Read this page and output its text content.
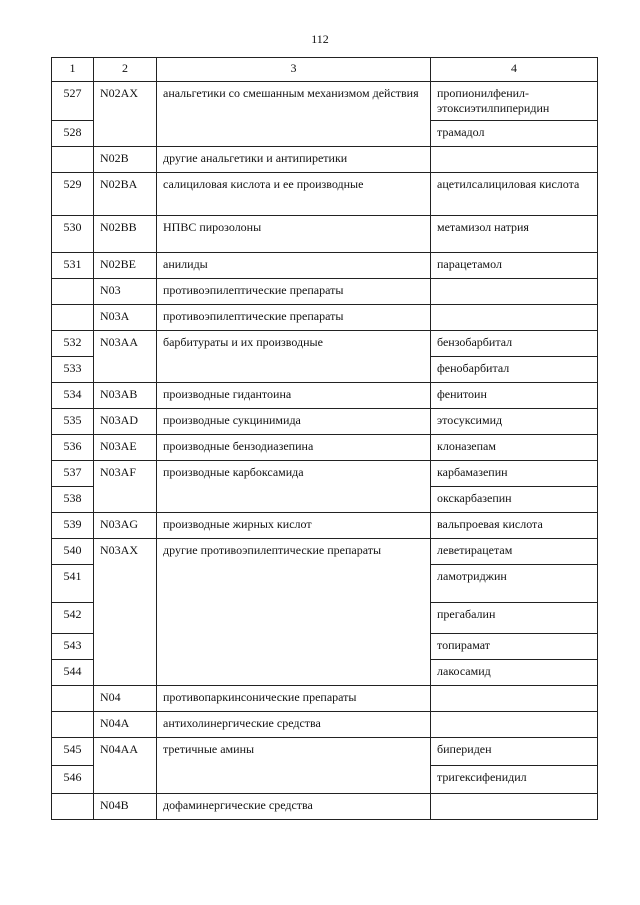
112
1	2	3	4
527	N02AX	анальгетики со смешанным механизмом действия	пропионилфенил-этоксиэтилпиперидин
528			трамадол
	N02B	другие анальгетики и антипиретики	
529	N02BA	салициловая кислота и ее производные	ацетилсалициловая кислота
530	N02BB	НПВС пирозолоны	метамизол натрия
531	N02BE	анилиды	парацетамол
	N03	противоэпилептические препараты	
	N03A	противоэпилептические препараты	
532	N03AA	барбитураты и их производные	бензобарбитал
533			фенобарбитал
534	N03AB	производные гидантоина	фенитоин
535	N03AD	производные сукцинимида	этосуксимид
536	N03AE	производные бензодиазепина	клоназепам
537	N03AF	производные карбоксамида	карбамазепин
538			окскарбазепин
539	N03AG	производные жирных кислот	вальпроевая кислота
540	N03AX	другие противоэпилептические препараты	леветирацетам
541			ламотриджин
542			прегабалин
543			топирамат
544			лакосамид
	N04	противопаркинсонические препараты	
	N04A	антихолинергические средства	
545	N04AA	третичные амины	бипериден
546			тригексифенидил
	N04B	дофаминергические средства	
